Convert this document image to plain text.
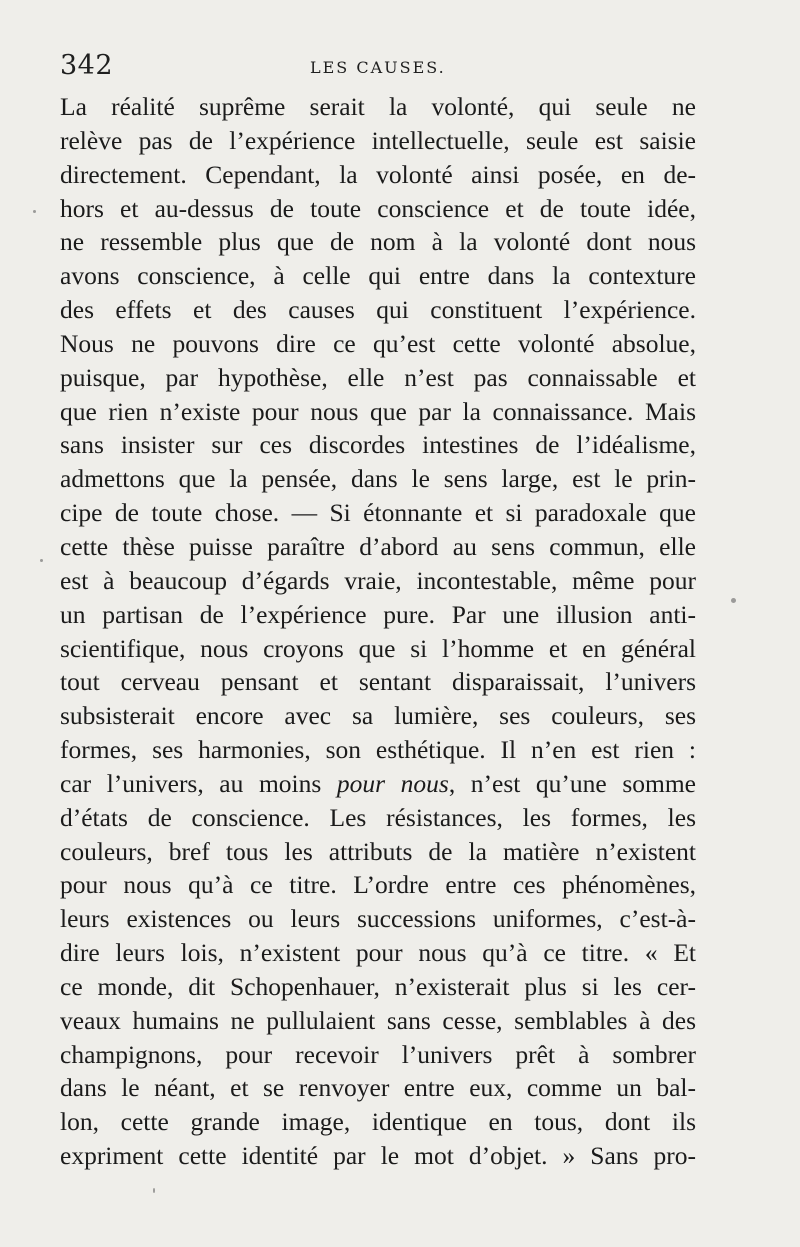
342	LES CAUSES.
La réalité suprême serait la volonté, qui seule ne
relève pas de l’expérience intellectuelle, seule est saisie
directement. Cependant, la volonté ainsi posée, en de-
hors et au-dessus de toute conscience et de toute idée,
ne ressemble plus que de nom à la volonté dont nous
avons conscience, à celle qui entre dans la contexture
des effets et des causes qui constituent l’expérience.
Nous ne pouvons dire ce qu’est cette volonté absolue,
puisque, par hypothèse, elle n’est pas connaissable et
que rien n’existe pour nous que par la connaissance. Mais
sans insister sur ces discordes intestines de l’idéalisme,
admettons que la pensée, dans le sens large, est le prin-
cipe de toute chose. — Si étonnante et si paradoxale que
cette thèse puisse paraître d’abord au sens commun, elle
est à beaucoup d’égards vraie, incontestable, même pour
un partisan de l’expérience pure. Par une illusion anti-
scientifique, nous croyons que si l’homme et en général
tout cerveau pensant et sentant disparaissait, l’univers
subsisterait encore avec sa lumière, ses couleurs, ses
formes, ses harmonies, son esthétique. Il n’en est rien :
car l’univers, au moins pour nous, n’est qu’une somme
d’états de conscience. Les résistances, les formes, les
couleurs, bref tous les attributs de la matière n’existent
pour nous qu’à ce titre. L’ordre entre ces phénomènes,
leurs existences ou leurs successions uniformes, c’est-à-
dire leurs lois, n’existent pour nous qu’à ce titre. « Et
ce monde, dit Schopenhauer, n’existerait plus si les cer-
veaux humains ne pullulaient sans cesse, semblables à des
champignons, pour recevoir l’univers prêt à sombrer
dans le néant, et se renvoyer entre eux, comme un bal-
lon, cette grande image, identique en tous, dont ils
expriment cette identité par le mot d’objet. » Sans pro-
